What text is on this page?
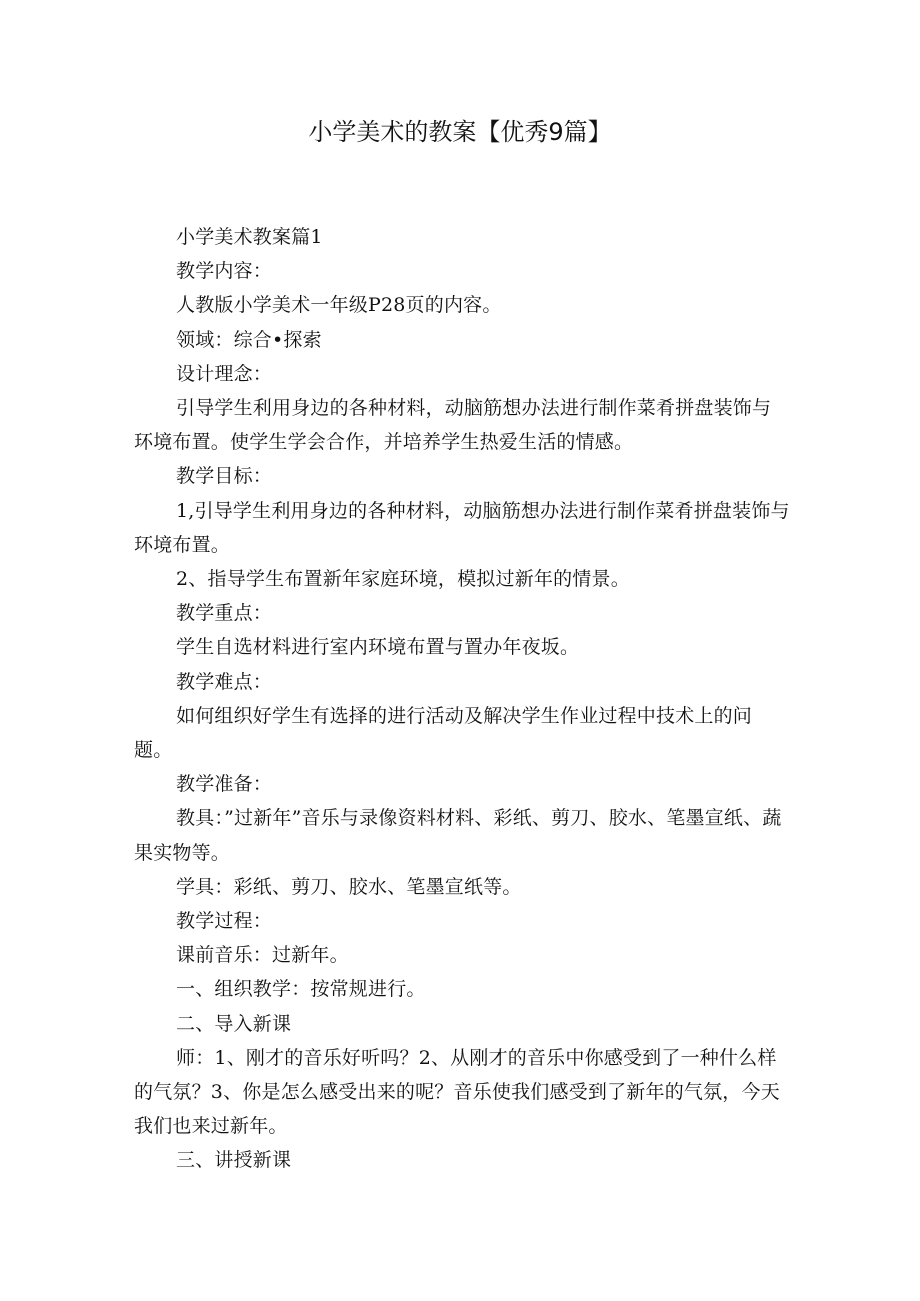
小学美术的教案【优秀9篇】

小学美术教案篇1

教学内容：

人教版小学美术一年级P28页的内容。

领域：综合•探索

设计理念：

引导学生利用身边的各种材料，动脑筋想办法进行制作菜肴拼盘装饰与环境布置。使学生学会合作，并培养学生热爱生活的情感。

教学目标：

1,引导学生利用身边的各种材料，动脑筋想办法进行制作菜肴拼盘装饰与环境布置。

2、指导学生布置新年家庭环境，模拟过新年的情景。

教学重点：

学生自选材料进行室内环境布置与置办年夜坂。

教学难点：

如何组织好学生有选择的进行活动及解决学生作业过程中技术上的问题。

教学准备：

教具：”过新年”音乐与录像资料材料、彩纸、剪刀、胶水、笔墨宣纸、蔬果实物等。

学具：彩纸、剪刀、胶水、笔墨宣纸等。

教学过程：

课前音乐：过新年。

一、组织教学：按常规进行。

二、导入新课

师：1、刚才的音乐好听吗？2、从刚才的音乐中你感受到了一种什么样的气氛？3、你是怎么感受出来的呢？音乐使我们感受到了新年的气氛，今天我们也来过新年。

三、讲授新课
